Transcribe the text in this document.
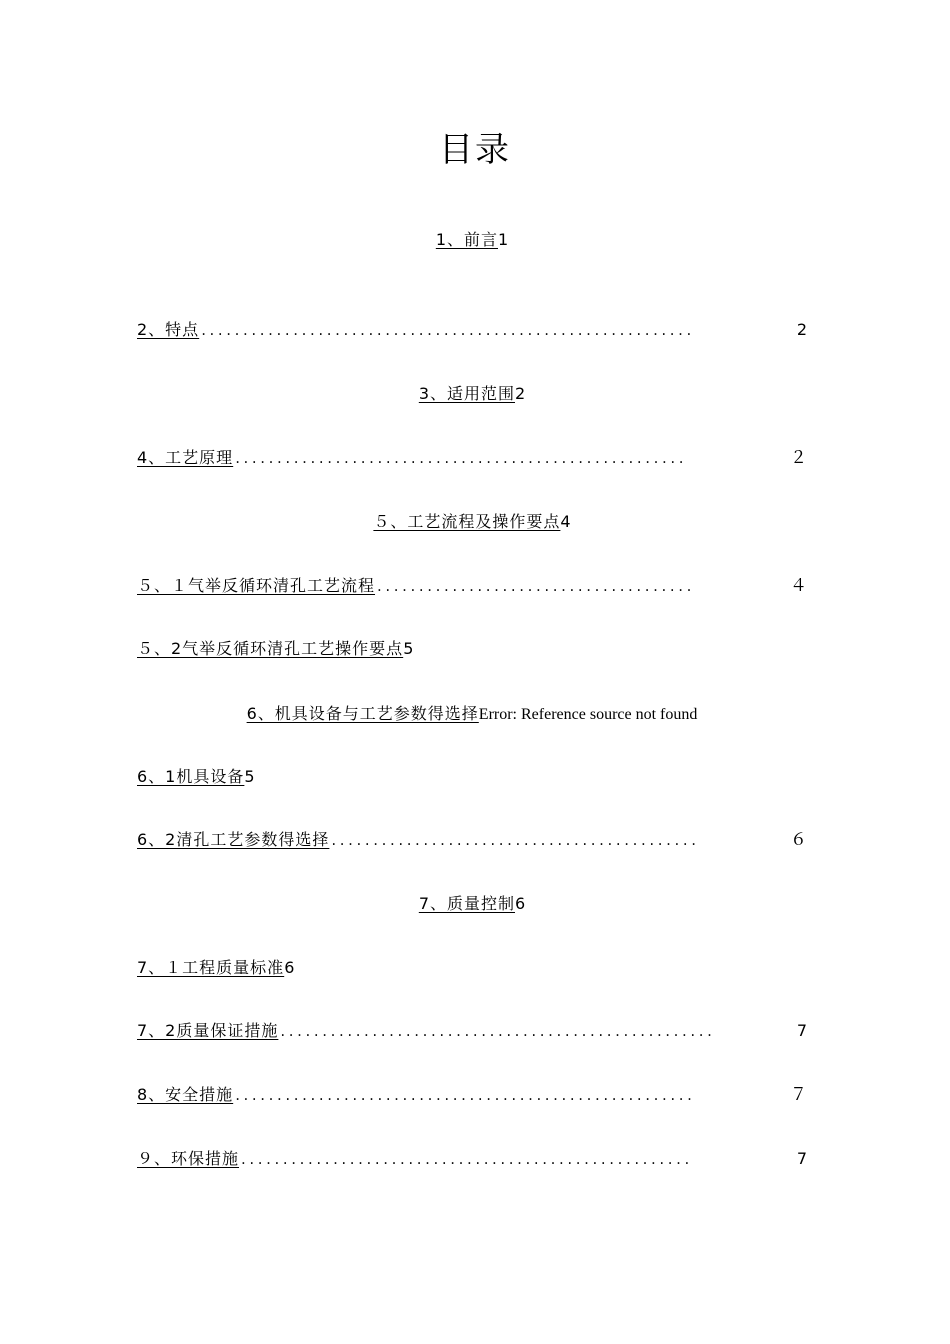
目录
1、前言1
2、特点 ...........................................................	2
3、适用范围2
4、工艺原理 ......................................................	２
５、工艺流程及操作要点4
５、１气举反循环清孔工艺流程 ......................................	４
５、2气举反循环清孔工艺操作要点5
6、机具设备与工艺参数得选择Error: Reference source not found
6、1机具设备5
6、2清孔工艺参数得选择 ............................................	６
7、质量控制6
7、１工程质量标准6
7、2质量保证措施 ....................................................	7
8、安全措施 .......................................................	７
９、环保措施 ......................................................	7
